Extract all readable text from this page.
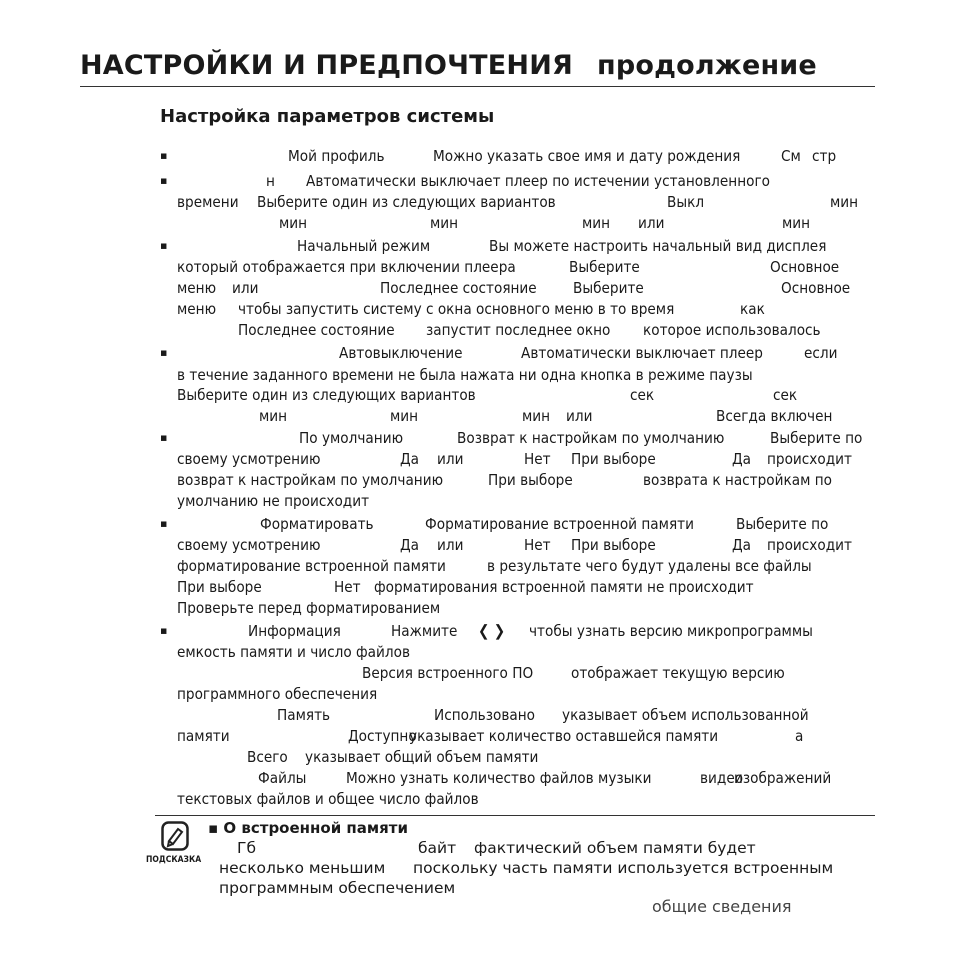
НАСТРОЙКИ И ПРЕДПОЧТЕНИЯ продолжение
Настройка параметров системы
▪	Мой профиль	Можно указать свое имя и дату рождения	См стр
▪	н Автоматически выключает плеер по истечении установленного
времени Выберите один из следующих вариантов	Выкл	мин
мин	мин	мин или	мин
▪	Начальный режим	Вы можете настроить начальный вид дисплея
который отображается при включении плеера	Выберите	Основное
меню или	Последнее состояние Выберите	Основное
меню чтобы запустить систему с окна основного меню в то время	как
Последнее состояние запустит последнее окно которое использовалось
▪	Автовыключение	Автоматически выключает плеер	если
в течение заданного времени не была нажата ни одна кнопка в режиме паузы
Выберите один из следующих вариантов	сек	сек
мин	мин	мин или	Всегда включен
▪	По умолчанию	Возврат к настройкам по умолчанию	Выберите по
своему усмотрению	Да или	Нет При выборе	Да происходит
возврат к настройкам по умолчанию	При выборе	возврата к настройкам по
умолчанию не происходит
▪	Форматировать	Форматирование встроенной памяти	Выберите по
своему усмотрению	Да или	Нет При выборе	Да происходит
форматирование встроенной памяти	в результате чего будут удалены все файлы
При выборе	Нет форматирования встроенной памяти не происходит
Проверьте перед форматированием
▪	Информация	Нажмите ❮ ❯ чтобы узнать версию микропрограммы
емкость памяти и число файлов
Версия встроенного ПО отображает текущую версию
программного обеспечения
Память	Использовано указывает объем использованной
памяти	Доступно
указывает количество оставшейся памяти	а
Всего указывает общий объем памяти
Файлы	Можно узнать количество файлов музыки	видео
изображений
текстовых файлов и общее число файлов
ПОДСКАЗКА
▪ О встроенной памяти
Гб	байт фактический объем памяти будет
несколько меньшим поскольку часть памяти используется встроенным
программным обеспечением
общие сведения
